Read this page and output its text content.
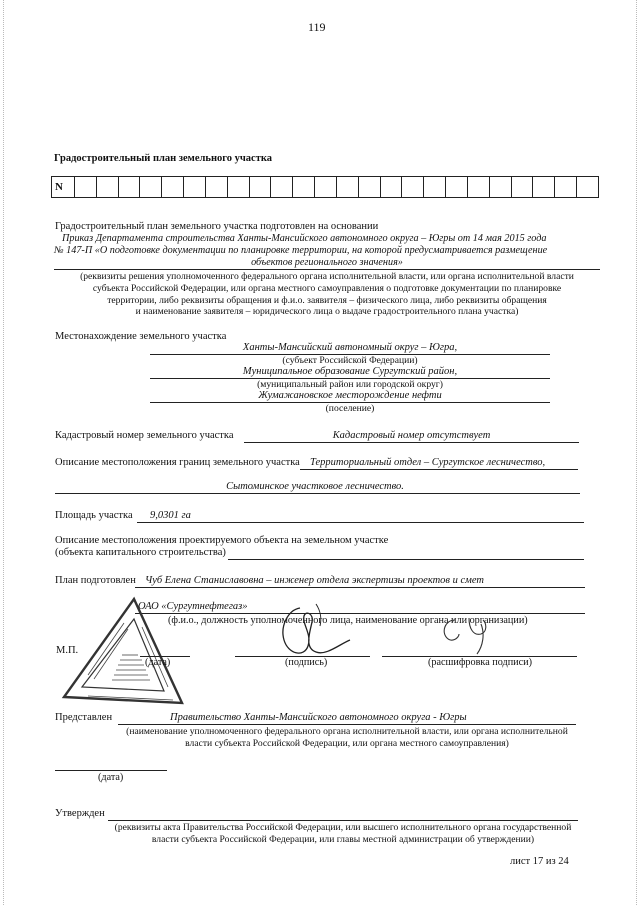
119
Градостроительный план земельного участка
N
Градостроительный план земельного участка подготовлен на основании
Приказ Департамента строительства Ханты-Мансийского автономного округа – Югры от 14 мая 2015 года
№ 147-П «О подготовке документации по планировке территории, на которой предусматривается размещение
объектов регионального значения»
(реквизиты решения уполномоченного федерального органа исполнительной власти, или органа исполнительной власти
субъекта Российской Федерации, или органа местного самоуправления о подготовке документации по планировке
территории, либо реквизиты обращения и ф.и.о. заявителя – физического лица, либо реквизиты обращения
и наименование заявителя – юридического лица о выдаче градостроительного плана участка)
Местонахождение земельного участка
Ханты-Мансийский автономный округ – Югра,
(субъект Российской Федерации)
Муниципальное образование Сургутский район,
(муниципальный район или городской округ)
Жумажановское месторождение нефти
(поселение)
Кадастровый номер земельного участка	Кадастровый номер отсутствует
Описание местоположения границ земельного участка Территориальный отдел – Сургутское лесничество,
Сытоминское участковое лесничество.
Площадь участка 9,0301 га
Описание местоположения проектируемого объекта на земельном участке
(объекта капитального строительства)
План подготовлен Чуб Елена Станиславовна – инженер отдела экспертизы проектов и смет
ОАО «Сургутнефтегаз»
(ф.и.о., должность уполномоченного лица, наименование органа или организации)
М.П.
(дата)	(подпись)	(расшифровка подписи)
Представлен	Правительство Ханты-Мансийского автономного округа - Югры
(наименование уполномоченного федерального органа исполнительной власти, или органа исполнительной
власти субъекта Российской Федерации, или органа местного самоуправления)
(дата)
Утвержден
(реквизиты акта Правительства Российской Федерации, или высшего исполнительного органа государственной
власти субъекта Российской Федерации, или главы местной администрации об утверждении)
лист 17 из 24
